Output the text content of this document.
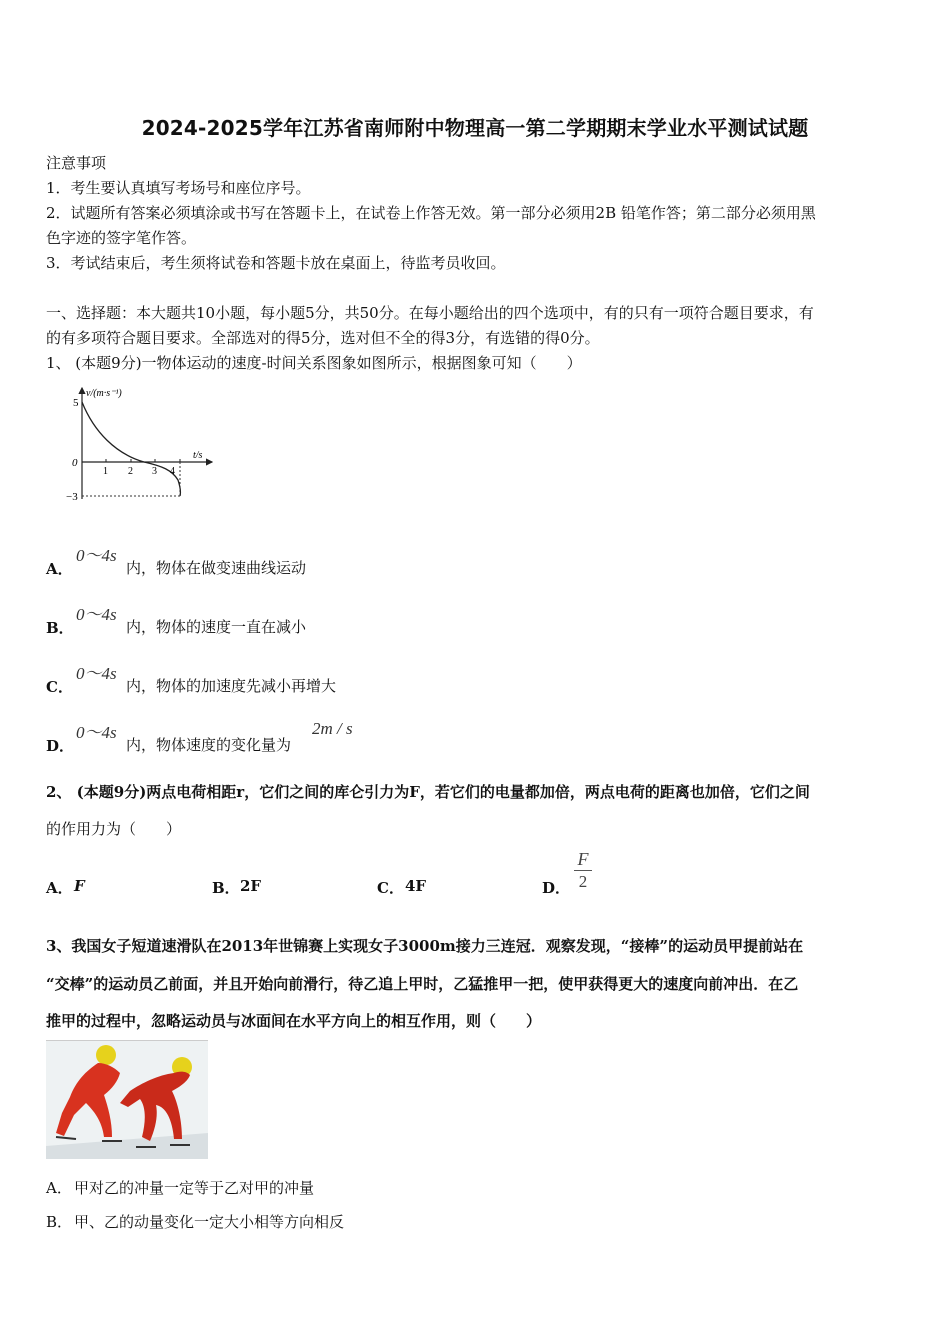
2024-2025学年江苏省南师附中物理高一第二学期期末学业水平测试试题
注意事项
1．考生要认真填写考场号和座位序号。
2．试题所有答案必须填涂或书写在答题卡上，在试卷上作答无效。第一部分必须用2B 铅笔作答；第二部分必须用黑
色字迹的签字笔作答。
3．考试结束后，考生须将试卷和答题卡放在桌面上，待监考员收回。
一、选择题：本大题共10小题，每小题5分，共50分。在每小题给出的四个选项中，有的只有一项符合题目要求，有
的有多项符合题目要求。全部选对的得5分，选对但不全的得3分，有选错的得0分。
1、 (本题9分)一物体运动的速度-时间关系图象如图所示，根据图象可知（　　）
v/(m·s⁻¹)
t/s
5
0
−3
1 2 3 4
A．
0～4s
内，物体在做变速曲线运动
B．
0～4s
内，物体的速度一直在减小
C．
0～4s
内，物体的加速度先减小再增大
D．
0～4s
内，物体速度的变化量为
2m / s
2、 (本题9分)两点电荷相距r，它们之间的库仑引力为F，若它们的电量都加倍，两点电荷的距离也加倍，它们之间
的作用力为（　　）
A． F	B． 2F	C． 4F	D．
F
2
3、我国女子短道速滑队在2013年世锦赛上实现女子3000m接力三连冠．观察发现，“接棒”的运动员甲提前站在
“交棒”的运动员乙前面，并且开始向前滑行，待乙追上甲时，乙猛推甲一把，使甲获得更大的速度向前冲出．在乙
推甲的过程中，忽略运动员与冰面间在水平方向上的相互作用，则（　　）
A． 甲对乙的冲量一定等于乙对甲的冲量
B． 甲、乙的动量变化一定大小相等方向相反
